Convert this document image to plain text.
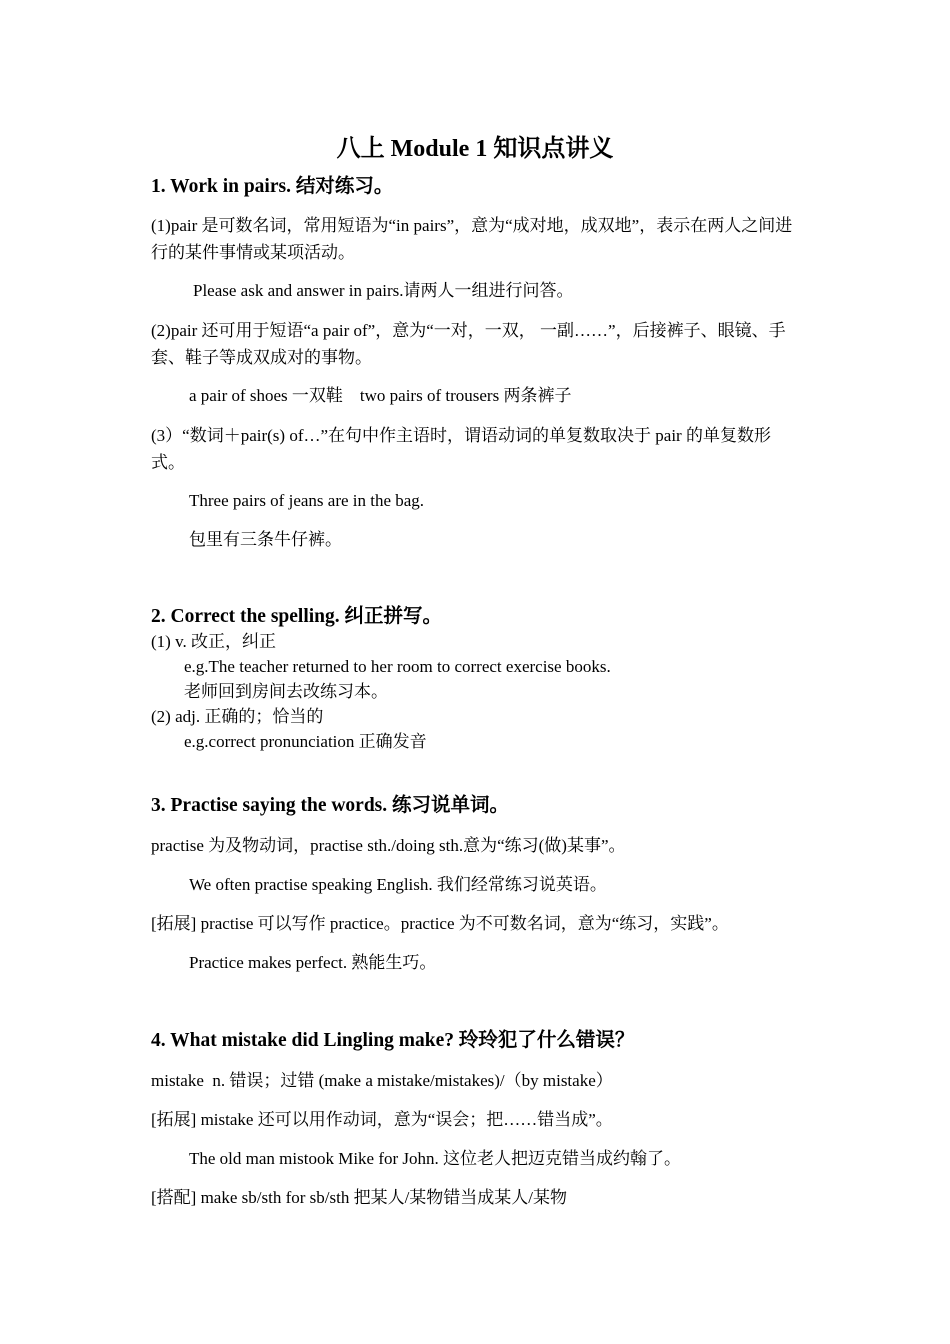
八上 Module 1 知识点讲义
1. Work in pairs. 结对练习。
(1)pair 是可数名词，常用短语为“in pairs”，意为“成对地，成双地”，表示在两人之间进行的某件事情或某项活动。
Please ask and answer in pairs.请两人一组进行问答。
(2)pair 还可用于短语“a pair of”，意为“一对，一双， 一副……”，后接裤子、眼镜、手套、鞋子等成双成对的事物。
a pair of shoes 一双鞋    two pairs of trousers 两条裤子
(3）“数词＋pair(s) of…”在句中作主语时，谓语动词的单复数取决于 pair 的单复数形式。
Three pairs of jeans are in the bag.
包里有三条牛仔裤。
2. Correct the spelling. 纠正拼写。
(1) v. 改正，纠正
e.g.The teacher returned to her room to correct exercise books.
老师回到房间去改练习本。
(2) adj. 正确的；恰当的
e.g.correct pronunciation 正确发音
3. Practise saying the words. 练习说单词。
practise 为及物动词，practise sth./doing sth.意为“练习(做)某事”。
We often practise speaking English. 我们经常练习说英语。
[拓展] practise 可以写作 practice。practice 为不可数名词，意为“练习，实践”。
Practice makes perfect. 熟能生巧。
4. What mistake did Lingling make? 玲玲犯了什么错误？
mistake  n. 错误；过错 (make a mistake/mistakes)/（by mistake）
[拓展] mistake 还可以用作动词，意为“误会；把……错当成”。
The old man mistook Mike for John. 这位老人把迈克错当成约翰了。
[搭配] make sb/sth for sb/sth 把某人/某物错当成某人/某物
